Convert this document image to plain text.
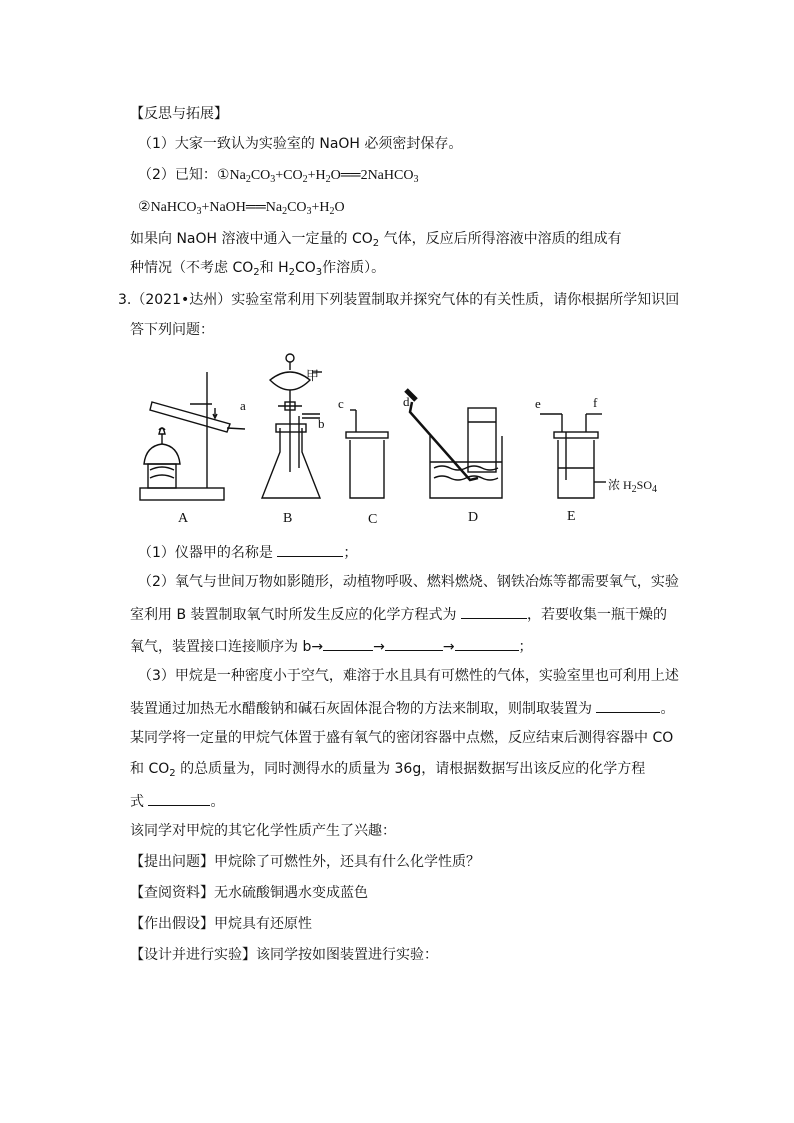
【反思与拓展】
（1）大家一致认为实验室的 NaOH 必须密封保存。
（2）已知：$①Na_2CO_3+CO_2+H_2O══2NaHCO_3$
$②NaHCO_3+NaOH══Na_2CO_3+H_2O$
如果向 NaOH 溶液中通入一定量的 $CO_2$ 气体，反应后所得溶液中溶质的组成有
种情况（不考虑 $CO_2$和 $H_2CO_3$作溶质）。
3.（2021•达州）实验室常利用下列装置制取并探究气体的有关性质，请你根据所学知识回
答下列问题：
a
b
c	d	e	f
甲
浓 $H_2SO_4$
A	B	C	D	E
（1）仪器甲的名称是	；
（2）氧气与世间万物如影随形，动植物呼吸、燃料燃烧、钢铁冶炼等都需要氧气，实验
室利用 B 装置制取氧气时所发生反应的化学方程式为	，若要收集一瓶干燥的
氧气，装置接口连接顺序为 b→	→	→	；
（3）甲烷是一种密度小于空气，难溶于水且具有可燃性的气体，实验室里也可利用上述
装置通过加热无水醋酸钠和碱石灰固体混合物的方法来制取，则制取装置为	。
某同学将一定量的甲烷气体置于盛有氧气的密闭容器中点燃，反应结束后测得容器中 CO
和 $CO_2$ 的总质量为，同时测得水的质量为 36g，请根据数据写出该反应的化学方程
式	。
该同学对甲烷的其它化学性质产生了兴趣：
【提出问题】甲烷除了可燃性外，还具有什么化学性质？
【查阅资料】无水硫酸铜遇水变成蓝色
【作出假设】甲烷具有还原性
【设计并进行实验】该同学按如图装置进行实验：
